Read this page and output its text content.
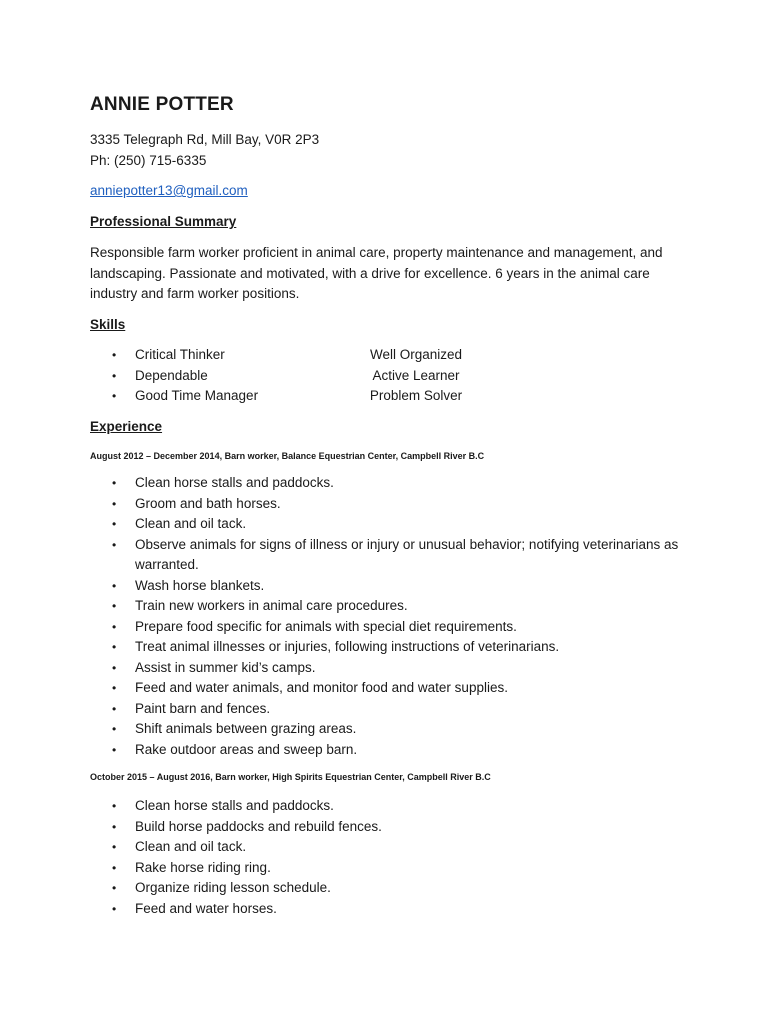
ANNIE POTTER
3335 Telegraph Rd, Mill Bay, V0R 2P3
Ph: (250) 715-6335
anniepotter13@gmail.com
Professional Summary

Responsible farm worker proficient in animal care, property maintenance and management, and landscaping. Passionate and motivated, with a drive for excellence. 6 years in the animal care industry and farm worker positions.

Skills
• Critical Thinker	Well Organized
• Dependable	Active Learner
• Good Time Manager	Problem Solver
Experience
August 2012 – December 2014, Barn worker, Balance Equestrian Center, Campbell River B.C
• Clean horse stalls and paddocks.
• Groom and bath horses.
• Clean and oil tack.
• Observe animals for signs of illness or injury or unusual behavior; notifying veterinarians as warranted.
• Wash horse blankets.
• Train new workers in animal care procedures.
• Prepare food specific for animals with special diet requirements.
• Treat animal illnesses or injuries, following instructions of veterinarians.
• Assist in summer kid’s camps.
• Feed and water animals, and monitor food and water supplies.
• Paint barn and fences.
• Shift animals between grazing areas.
• Rake outdoor areas and sweep barn.
October 2015 – August 2016, Barn worker, High Spirits Equestrian Center, Campbell River B.C
• Clean horse stalls and paddocks.
• Build horse paddocks and rebuild fences.
• Clean and oil tack.
• Rake horse riding ring.
• Organize riding lesson schedule.
• Feed and water horses.
